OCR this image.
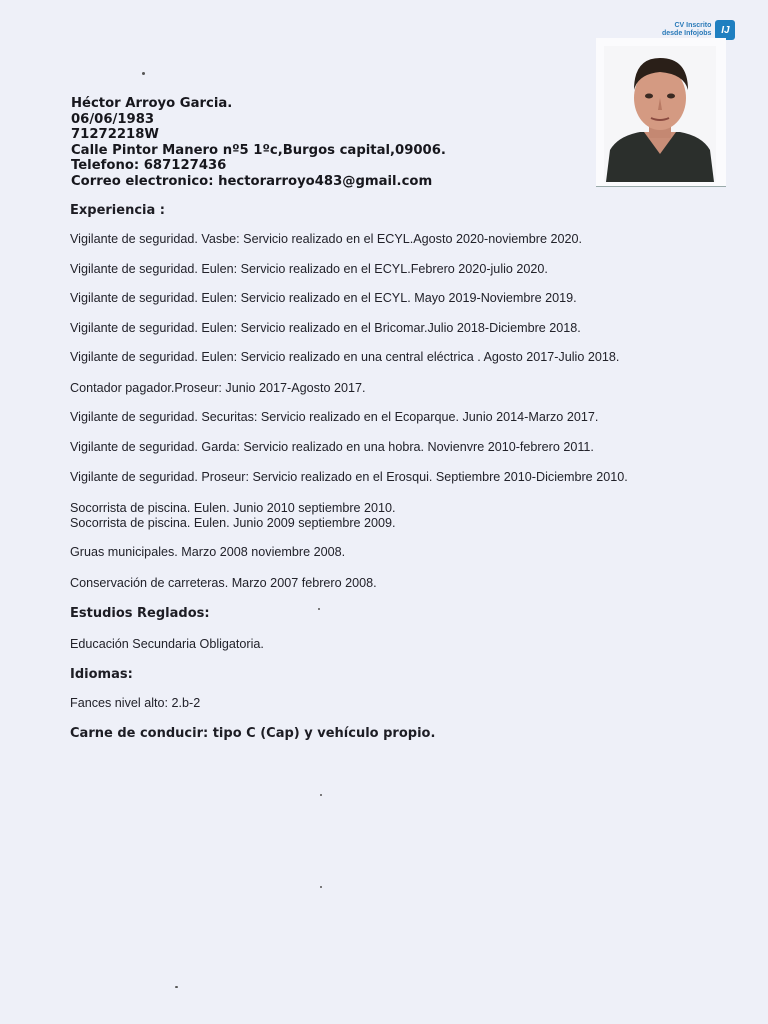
CV Inscrito
desde Infojobs IJ
Héctor Arroyo Garcia.
06/06/1983
71272218W
Calle Pintor Manero nº5 1ºc,Burgos capital,09006.
Telefono: 687127436
Correo electronico: hectorarroyo483@gmail.com
Experiencia :
Vigilante de seguridad. Vasbe: Servicio realizado en el ECYL.Agosto 2020-noviembre 2020.
Vigilante de seguridad. Eulen: Servicio realizado en el ECYL.Febrero 2020-julio 2020.
Vigilante de seguridad. Eulen: Servicio realizado en el ECYL. Mayo 2019-Noviembre 2019.
Vigilante de seguridad. Eulen: Servicio realizado en el Bricomar.Julio 2018-Diciembre 2018.
Vigilante de seguridad. Eulen: Servicio realizado en una central eléctrica . Agosto 2017-Julio 2018.
Contador pagador.Proseur: Junio 2017-Agosto 2017.
Vigilante de seguridad. Securitas: Servicio realizado en el Ecoparque. Junio 2014-Marzo 2017.
Vigilante de seguridad. Garda: Servicio realizado en una hobra. Novienvre 2010-febrero 2011.
Vigilante de seguridad. Proseur: Servicio realizado en el Erosqui. Septiembre 2010-Diciembre 2010.
Socorrista de piscina. Eulen. Junio 2010 septiembre 2010.
Socorrista de piscina. Eulen. Junio 2009 septiembre 2009.
Gruas municipales. Marzo 2008 noviembre 2008.
Conservación de carreteras. Marzo 2007 febrero 2008.
Estudios Reglados:
Educación Secundaria Obligatoria.
Idiomas:
Fances nivel alto: 2.b-2
Carne de conducir: tipo C (Cap) y vehículo propio.
